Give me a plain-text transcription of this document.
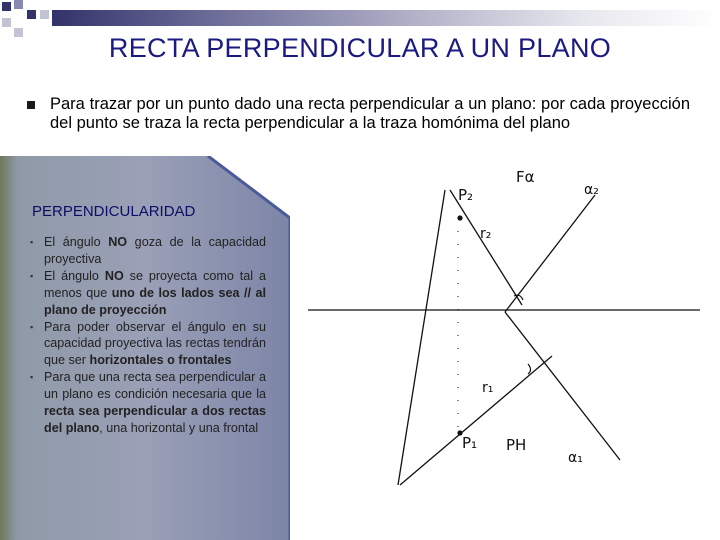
RECTA PERPENDICULAR A UN PLANO
Para trazar por un punto dado una recta perpendicular a un plano: por cada proyección del punto se traza la recta perpendicular a la traza homónima del plano
PERPENDICULARIDAD
▪ El ángulo NO goza de la capacidad proyectiva
▪ El ángulo NO se proyecta como tal a menos que uno de los lados sea // al plano de proyección
▪ Para poder observar el ángulo en su capacidad proyectiva las rectas tendrán que ser horizontales o frontales
▪ Para que una recta sea perpendicular a un plano es condición necesaria que la recta sea perpendicular a dos rectas del plano, una horizontal y una frontal
P₂
r₂
Fα
α₂
r₁
P₁ PH
α₁
